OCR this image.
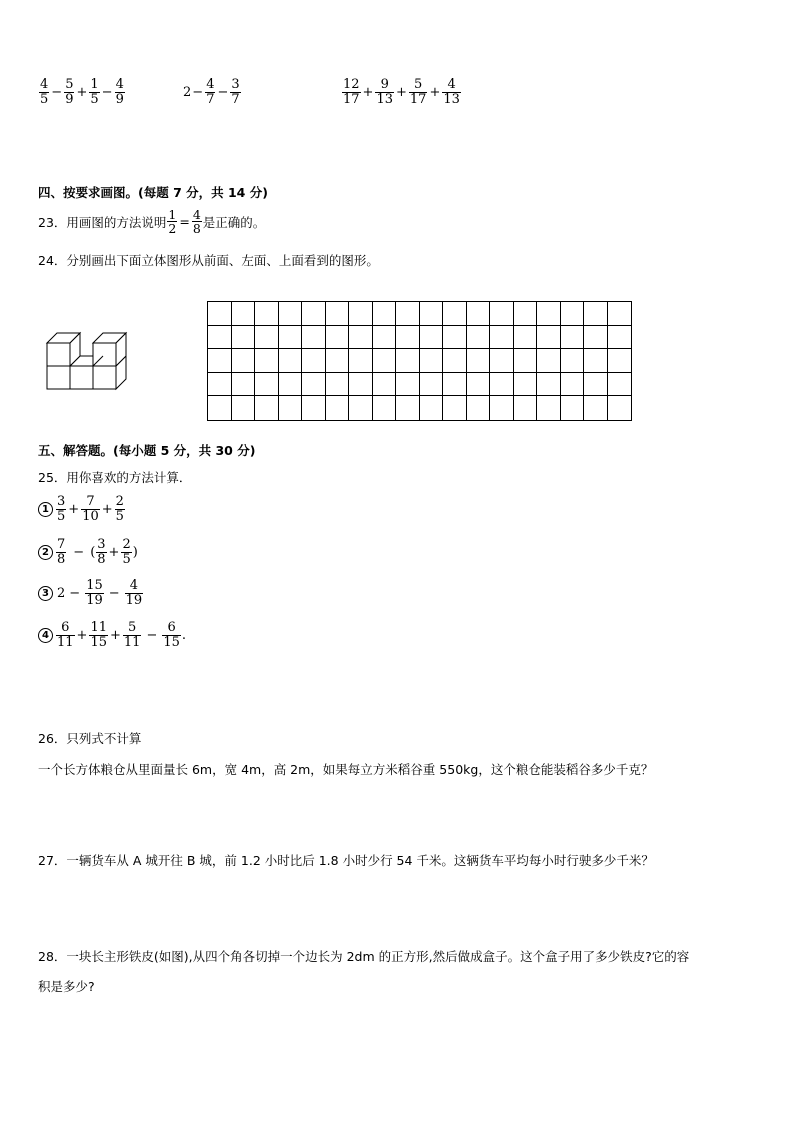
$\frac{4}{5} - \frac{5}{9} + \frac{1}{5} - \frac{4}{9}$	$2 - \frac{4}{7} - \frac{3}{7}$	$\frac{12}{17} + \frac{9}{13} + \frac{5}{17} + \frac{4}{13}$
四、按要求画图。(每题 7 分，共 14 分)
23．用画图的方法说明 $\frac{1}{2} = \frac{4}{8}$ 是正确的。
24．分别画出下面立体图形从前面、左面、上面看到的图形。
五、解答题。(每小题 5 分，共 30 分)
25．用你喜欢的方法计算．
$1 \frac{3}{5} + \frac{7}{10} + \frac{2}{5}$
$2 \frac{7}{8}$ − ( $\frac{3}{8} + \frac{2}{5}$ )
3 $2 - \frac{15}{19} - \frac{4}{19}$
$4 \frac{6}{11} + \frac{11}{15} + \frac{5}{11} - \frac{6}{15}$ .
26．只列式不计算
一个长方体粮仓从里面量长 6m，宽 4m，高 2m，如果每立方米稻谷重 550kg，这个粮仓能装稻谷多少千克？
27．一辆货车从 A 城开往 B 城，前 1.2 小时比后 1.8 小时少行 54 千米。这辆货车平均每小时行驶多少千米？
28．一块长主形铁皮(如图),从四个角各切掉一个边长为 2dm 的正方形,然后做成盒子。这个盒子用了多少铁皮?它的容
积是多少?
